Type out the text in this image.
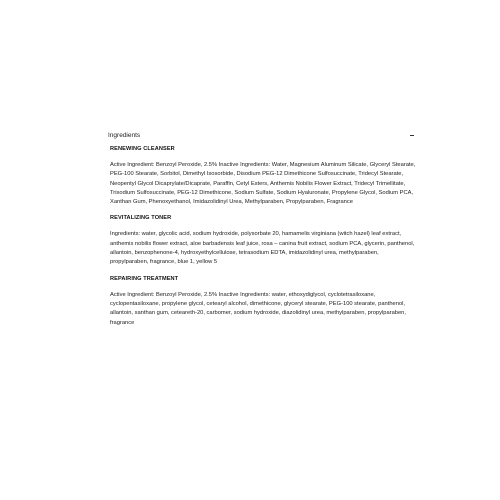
Ingredients

RENEWING CLEANSER

Active Ingredient: Benzoyl Peroxide, 2.5% Inactive Ingredients: Water, Magnesium Aluminum Silicate, Glyceryl Stearate, PEG-100 Stearate, Sorbitol, Dimethyl Isosorbide, Disodium PEG-12 Dimethicone Sulfosuccinate, Tridecyl Stearate, Neopentyl Glycol Dicaprylate/Dicaprate, Paraffin, Cetyl Esters, Anthemis Nobilis Flower Extract, Tridecyl Trimellitate, Trisodium Sulfosuccinate, PEG-12 Dimethicone, Sodium Sulfate, Sodium Hyaluronate, Propylene Glycol, Sodium PCA, Xanthan Gum, Phenoxyethanol, Imidazolidinyl Urea, Methylparaben, Propylparaben, Fragrance

REVITALIZING TONER

Ingredients: water, glycolic acid, sodium hydroxide, polysorbate 20, hamamelis virginiana (witch hazel) leaf extract, anthemis nobilis flower extract, aloe barbadensis leaf juice, rosa – canina fruit extract, sodium PCA, glycerin, panthenol, allantoin, benzophenone-4, hydroxyethylcellulose, tetrasodium EDTA, imidazolidinyl urea, methylparaben, propylparaben, fragrance, blue 1, yellow 5

REPAIRING TREATMENT

Active Ingredient: Benzoyl Peroxide, 2.5% Inactive Ingredients: water, ethoxydiglycol, cyclotetrasiloxane, cyclopentasiloxane, propylene glycol, cetearyl alcohol, dimethicone, glyceryl stearate, PEG-100 stearate, panthenol, allantoin, xanthan gum, ceteareth-20, carbomer, sodium hydroxide, diazolidinyl urea, methylparaben, propylparaben, fragrance
